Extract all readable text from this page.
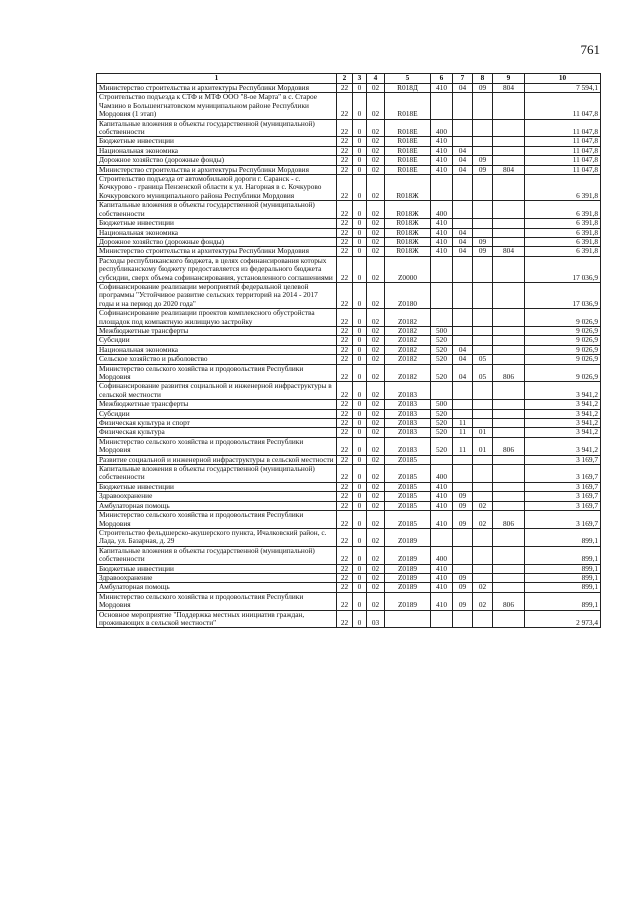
761
1	2	3	4	5	6	7	8	9	10
Министерство строительства и архитектуры Республики Мордовия	22	0	02	R018Д	410	04	09	804	7 594,1
Строительство подъезда к СТФ и МТФ ООО "8-ое Марта" в с. Старое Чамзино в Большеигнатовском муниципальном районе Республики Мордовия (1 этап)	22	0	02	R018Е					11 047,8
Капитальные вложения в объекты государственной (муниципальной) собственности	22	0	02	R018Е	400				11 047,8
Бюджетные инвестиции	22	0	02	R018Е	410				11 047,8
Национальная экономика	22	0	02	R018Е	410	04			11 047,8
Дорожное хозяйство (дорожные фонды)	22	0	02	R018Е	410	04	09		11 047,8
Министерство строительства и архитектуры Республики Мордовия	22	0	02	R018Е	410	04	09	804	11 047,8
Строительство подъезда от автомобильной дороги г. Саранск - с. Кочкурово - граница Пензенской области к ул. Нагорная в с. Кочкурово Кочкуровского муниципального района Республики Мордовия	22	0	02	R018Ж					6 391,8
Капитальные вложения в объекты государственной (муниципальной) собственности	22	0	02	R018Ж	400				6 391,8
Бюджетные инвестиции	22	0	02	R018Ж	410				6 391,8
Национальная экономика	22	0	02	R018Ж	410	04			6 391,8
Дорожное хозяйство (дорожные фонды)	22	0	02	R018Ж	410	04	09		6 391,8
Министерство строительства и архитектуры Республики Мордовия	22	0	02	R018Ж	410	04	09	804	6 391,8
Расходы республиканского бюджета, в целях софинансирования которых республиканскому бюджету предоставляется из федерального бюджета субсидии, сверх объема софинансирования, установленного соглашениями	22	0	02	Z0000					17 036,9
Софинансирование реализации мероприятий федеральной целевой программы "Устойчивое развитие сельских территорий на 2014 - 2017 годы и на период до 2020 года"	22	0	02	Z0180					17 036,9
Софинансирование реализации проектов комплексного обустройства площадок под компактную жилищную застройку	22	0	02	Z0182					9 026,9
Межбюджетные трансферты	22	0	02	Z0182	500				9 026,9
Субсидии	22	0	02	Z0182	520				9 026,9
Национальная экономика	22	0	02	Z0182	520	04			9 026,9
Сельское хозяйство и рыболовство	22	0	02	Z0182	520	04	05		9 026,9
Министерство сельского хозяйства и продовольствия Республики Мордовия	22	0	02	Z0182	520	04	05	806	9 026,9
Софинансирование развития социальной и инженерной инфраструктуры в сельской местности	22	0	02	Z0183					3 941,2
Межбюджетные трансферты	22	0	02	Z0183	500				3 941,2
Субсидии	22	0	02	Z0183	520				3 941,2
Физическая культура и спорт	22	0	02	Z0183	520	11			3 941,2
Физическая культура	22	0	02	Z0183	520	11	01		3 941,2
Министерство сельского хозяйства и продовольствия Республики Мордовия	22	0	02	Z0183	520	11	01	806	3 941,2
Развитие социальной и инженерной инфраструктуры в сельской местности	22	0	02	Z0185					3 169,7
Капитальные вложения в объекты государственной (муниципальной) собственности	22	0	02	Z0185	400				3 169,7
Бюджетные инвестиции	22	0	02	Z0185	410				3 169,7
Здравоохранение	22	0	02	Z0185	410	09			3 169,7
Амбулаторная помощь	22	0	02	Z0185	410	09	02		3 169,7
Министерство сельского хозяйства и продовольствия Республики Мордовия	22	0	02	Z0185	410	09	02	806	3 169,7
Строительство фельдшерско-акушерского пункта, Ичалковский район, с. Лада, ул. Базарная, д. 29	22	0	02	Z0189					899,1
Капитальные вложения в объекты государственной (муниципальной) собственности	22	0	02	Z0189	400				899,1
Бюджетные инвестиции	22	0	02	Z0189	410				899,1
Здравоохранение	22	0	02	Z0189	410	09			899,1
Амбулаторная помощь	22	0	02	Z0189	410	09	02		899,1
Министерство сельского хозяйства и продовольствия Республики Мордовия	22	0	02	Z0189	410	09	02	806	899,1
Основное мероприятие "Поддержка местных инициатив граждан, проживающих в сельской местности"	22	0	03						2 973,4
